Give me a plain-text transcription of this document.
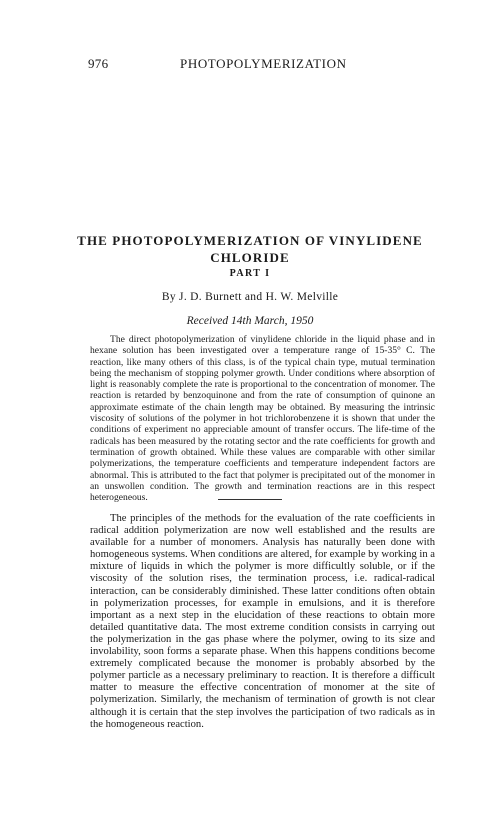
976	PHOTOPOLYMERIZATION
THE PHOTOPOLYMERIZATION OF VINYLIDENE CHLORIDE
PART I
By J. D. Burnett and H. W. Melville
Received 14th March, 1950

The direct photopolymerization of vinylidene chloride in the liquid phase and in hexane solution has been investigated over a temperature range of 15-35° C. The reaction, like many others of this class, is of the typical chain type, mutual termination being the mechanism of stopping polymer growth. Under conditions where absorption of light is reasonably complete the rate is proportional to the concentration of monomer. The reaction is retarded by benzoquinone and from the rate of consumption of quinone an approximate estimate of the chain length may be obtained. By measuring the intrinsic viscosity of solutions of the polymer in hot trichlorobenzene it is shown that under the conditions of experiment no appreciable amount of transfer occurs. The life-time of the radicals has been measured by the rotating sector and the rate coefficients for growth and termination of growth obtained. While these values are comparable with other similar polymerizations, the temperature coefficients and temperature independent factors are abnormal. This is attributed to the fact that polymer is precipitated out of the monomer in an unswollen condition. The growth and termination reactions are in this respect heterogeneous.

The principles of the methods for the evaluation of the rate coefficients in radical addition polymerization are now well established and the results are available for a number of monomers. Analysis has naturally been done with homogeneous systems. When conditions are altered, for example by working in a mixture of liquids in which the polymer is more difficultly soluble, or if the viscosity of the solution rises, the termination process, i.e. radical-radical interaction, can be considerably diminished. These latter conditions often obtain in polymerization processes, for example in emulsions, and it is therefore important as a next step in the elucidation of these reactions to obtain more detailed quantitative data. The most extreme condition consists in carrying out the polymerization in the gas phase where the polymer, owing to its size and involability, soon forms a separate phase. When this happens conditions become extremely complicated because the monomer is probably absorbed by the polymer particle as a necessary preliminary to reaction. It is therefore a difficult matter to measure the effective concentration of monomer at the site of polymerization. Similarly, the mechanism of termination of growth is not clear although it is certain that the step involves the participation of two radicals as in the homogeneous reaction.
